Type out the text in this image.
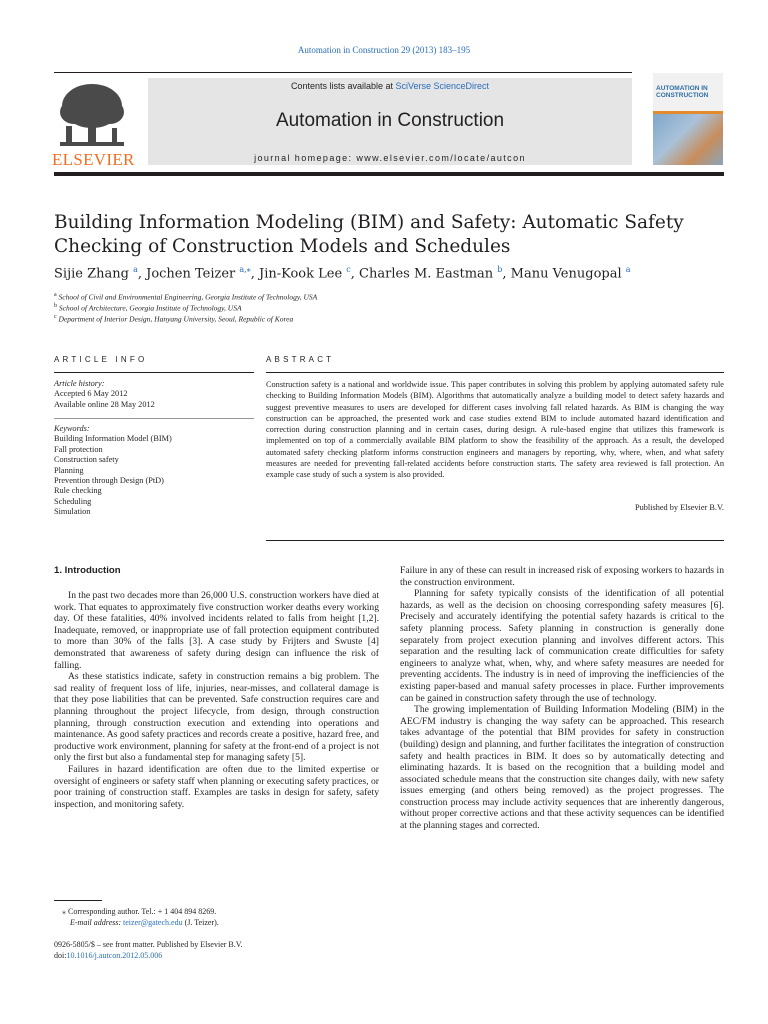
Automation in Construction 29 (2013) 183–195
ELSEVIER
Contents lists available at SciVerse ScienceDirect
Automation in Construction
journal homepage: www.elsevier.com/locate/autcon
AUTOMATION IN CONSTRUCTION
Building Information Modeling (BIM) and Safety: Automatic Safety Checking of Construction Models and Schedules
Sijie Zhang $^a$, Jochen Teizer $^{a,⁎}$, Jin-Kook Lee $^c$, Charles M. Eastman $^b$, Manu Venugopal $^a$
$^a$ School of Civil and Environmental Engineering, Georgia Institute of Technology, USA
$^b$ School of Architecture, Georgia Institute of Technology, USA
$^c$ Department of Interior Design, Hanyang University, Seoul, Republic of Korea
ARTICLE INFO	ABSTRACT
Article history:
Accepted 6 May 2012
Available online 28 May 2012
Keywords:
Building Information Model (BIM)
Fall protection
Construction safety
Planning
Prevention through Design (PtD)
Rule checking
Scheduling
Simulation
Construction safety is a national and worldwide issue. This paper contributes in solving this problem by applying automated safety rule checking to Building Information Models (BIM). Algorithms that automatically analyze a building model to detect safety hazards and suggest preventive measures to users are developed for different cases involving fall related hazards. As BIM is changing the way construction can be approached, the presented work and case studies extend BIM to include automated hazard identification and correction during construction planning and in certain cases, during design. A rule-based engine that utilizes this framework is implemented on top of a commercially available BIM platform to show the feasibility of the approach. As a result, the developed automated safety checking platform informs construction engineers and managers by reporting, why, where, when, and what safety measures are needed for preventing fall-related accidents before construction starts. The safety area reviewed is fall protection. An example case study of such a system is also provided.
Published by Elsevier B.V.
1. Introduction

In the past two decades more than 26,000 U.S. construction workers have died at work. That equates to approximately five construction worker deaths every working day. Of these fatalities, 40% involved incidents related to falls from height [1,2]. Inadequate, removed, or inappropriate use of fall protection equipment contributed to more than 30% of the falls [3]. A case study by Frijters and Swuste [4] demonstrated that awareness of safety during design can influence the risk of falling.

As these statistics indicate, safety in construction remains a big problem. The sad reality of frequent loss of life, injuries, near-misses, and collateral damage is that they pose liabilities that can be prevented. Safe construction requires care and planning throughout the project lifecycle, from design, through construction planning, through construction execution and extending into operations and maintenance. As good safety practices and records create a positive, hazard free, and productive work environment, planning for safety at the front-end of a project is not only the first but also a fundamental step for managing safety [5].

Failures in hazard identification are often due to the limited expertise or oversight of engineers or safety staff when planning or executing safety practices, or poor training of construction staff. Examples are tasks in design for safety, safety inspection, and monitoring safety.

Failure in any of these can result in increased risk of exposing workers to hazards in the construction environment.

Planning for safety typically consists of the identification of all potential hazards, as well as the decision on choosing corresponding safety measures [6]. Precisely and accurately identifying the potential safety hazards is critical to the safety planning process. Safety planning in construction is generally done separately from project execution planning and involves different actors. This separation and the resulting lack of communication create difficulties for safety engineers to analyze what, when, why, and where safety measures are needed for preventing accidents. The industry is in need of improving the inefficiencies of the existing paper-based and manual safety processes in place. Further improvements can be gained in construction safety through the use of technology.

The growing implementation of Building Information Modeling (BIM) in the AEC/FM industry is changing the way safety can be approached. This research takes advantage of the potential that BIM provides for safety in construction (building) design and planning, and further facilitates the integration of construction safety and health practices in BIM. It does so by automatically detecting and eliminating hazards. It is based on the recognition that a building model and associated schedule means that the construction site changes daily, with new safety issues emerging (and others being removed) as the project progresses. The construction process may include activity sequences that are inherently dangerous, without proper corrective actions and that these activity sequences can be identified at the planning stages and corrected.

⁎ Corresponding author. Tel.: + 1 404 894 8269.
E-mail address: teizer@gatech.edu (J. Teizer).
0926-5805/$ – see front matter. Published by Elsevier B.V.
doi:10.1016/j.autcon.2012.05.006
